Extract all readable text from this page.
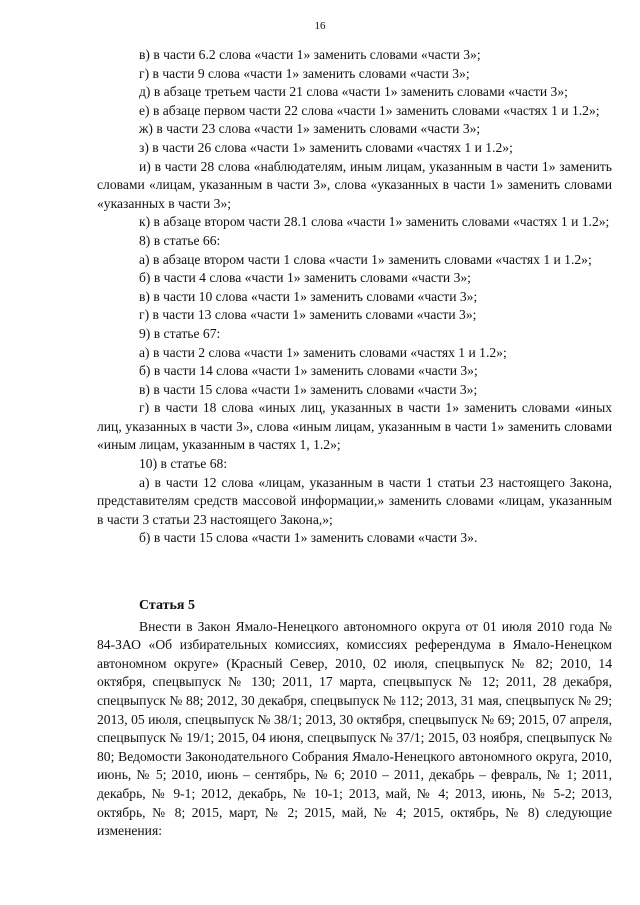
16

в) в части 6.2 слова «части 1» заменить словами «части 3»;

г) в части 9 слова «части 1» заменить словами «части 3»;

д) в абзаце третьем части 21 слова «части 1» заменить словами «части 3»;

е) в абзаце первом части 22 слова «части 1» заменить словами «частях 1 и 1.2»;

ж) в части 23 слова «части 1» заменить словами «части 3»;

з) в части 26 слова «части 1» заменить словами «частях 1 и 1.2»;

и) в части 28 слова «наблюдателям, иным лицам, указанным в части 1» заменить словами «лицам, указанным в части 3», слова «указанных в части 1» заменить словами «указанных в части 3»;

к) в абзаце втором части 28.1 слова «части 1» заменить словами «частях 1 и 1.2»;

8) в статье 66:

а) в абзаце втором части 1 слова «части 1» заменить словами «частях 1 и 1.2»;

б) в части 4 слова «части 1» заменить словами «части 3»;

в) в части 10 слова «части 1» заменить словами «части 3»;

г) в части 13 слова «части 1» заменить словами «части 3»;

9) в статье 67:

а) в части 2 слова «части 1» заменить словами «частях 1 и 1.2»;

б) в части 14 слова «части 1» заменить словами «части 3»;

в) в части 15 слова «части 1» заменить словами «части 3»;

г) в части 18 слова «иных лиц, указанных в части 1» заменить словами «иных лиц, указанных в части 3», слова «иным лицам, указанным в части 1» заменить словами «иным лицам, указанным в частях 1, 1.2»;

10) в статье 68:

а) в части 12 слова «лицам, указанным в части 1 статьи 23 настоящего Закона, представителям средств массовой информации,» заменить словами «лицам, указанным в части 3 статьи 23 настоящего Закона,»;

б) в части 15 слова «части 1» заменить словами «части 3».

Статья 5

Внести в Закон Ямало-Ненецкого автономного округа от 01 июля 2010 года № 84-ЗАО «Об избирательных комиссиях, комиссиях референдума в Ямало-Ненецком автономном округе» (Красный Север, 2010, 02 июля, спецвыпуск № 82; 2010, 14 октября, спецвыпуск № 130; 2011, 17 марта, спецвыпуск № 12; 2011, 28 декабря, спецвыпуск № 88; 2012, 30 декабря, спецвыпуск № 112; 2013, 31 мая, спецвыпуск № 29; 2013, 05 июля, спецвыпуск № 38/1; 2013, 30 октября, спецвыпуск № 69; 2015, 07 апреля, спецвыпуск № 19/1; 2015, 04 июня, спецвыпуск № 37/1; 2015, 03 ноября, спецвыпуск № 80; Ведомости Законодательного Собрания Ямало-Ненецкого автономного округа, 2010, июнь, № 5; 2010, июнь – сентябрь, № 6; 2010 – 2011, декабрь – февраль, № 1; 2011, декабрь, № 9-1; 2012, декабрь, № 10-1; 2013, май, № 4; 2013, июнь, № 5-2; 2013, октябрь, № 8; 2015, март, № 2; 2015, май, № 4; 2015, октябрь, № 8) следующие изменения:
